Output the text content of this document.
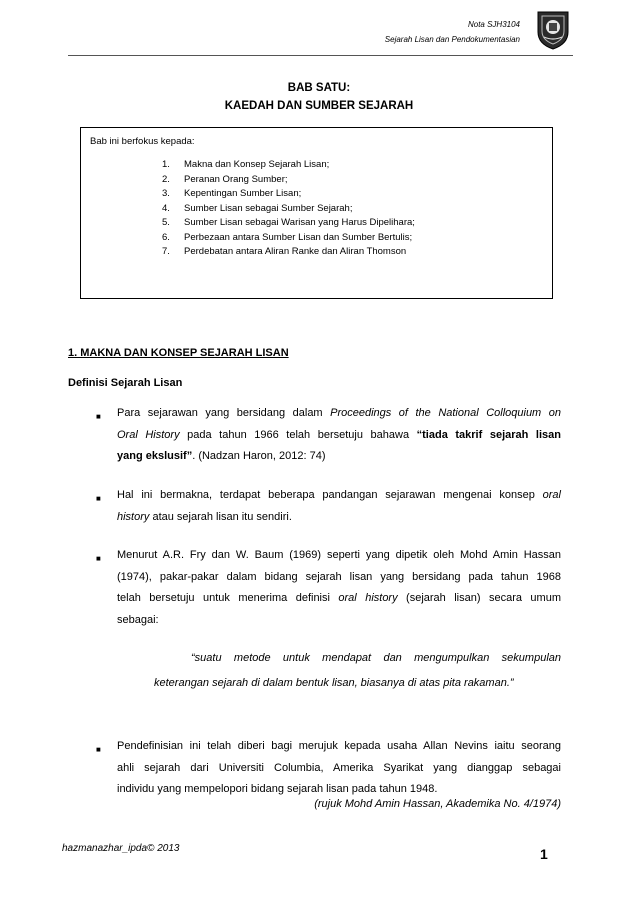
Nota SJH3104
Sejarah Lisan dan Pendokumentasian
BAB SATU:
KAEDAH DAN SUMBER SEJARAH
Bab ini berfokus kepada:
1. Makna dan Konsep Sejarah Lisan;
2. Peranan Orang Sumber;
3. Kepentingan Sumber Lisan;
4. Sumber Lisan sebagai Sumber Sejarah;
5. Sumber Lisan sebagai Warisan yang Harus Dipelihara;
6. Perbezaan antara Sumber Lisan dan Sumber Bertulis;
7. Perdebatan antara Aliran Ranke dan Aliran Thomson
1. MAKNA DAN KONSEP SEJARAH LISAN
Definisi Sejarah Lisan
■ Para sejarawan yang bersidang dalam Proceedings of the National Colloquium on
Oral History pada tahun 1966 telah bersetuju bahawa “tiada takrif sejarah lisan
yang ekslusif”. (Nadzan Haron, 2012: 74)
■ Hal ini bermakna, terdapat beberapa pandangan sejarawan mengenai konsep oral
history atau sejarah lisan itu sendiri.
■ Menurut A.R. Fry dan W. Baum (1969) seperti yang dipetik oleh Mohd Amin Hassan
(1974), pakar-pakar dalam bidang sejarah lisan yang bersidang pada tahun 1968
telah bersetuju untuk menerima definisi oral history (sejarah lisan) secara umum
sebagai:
“suatu metode untuk mendapat dan mengumpulkan sekumpulan
keterangan sejarah di dalam bentuk lisan, biasanya di atas pita rakaman.”
■ Pendefinisian ini telah diberi bagi merujuk kepada usaha Allan Nevins iaitu seorang
ahli sejarah dari Universiti Columbia, Amerika Syarikat yang dianggap sebagai
individu yang mempelopori bidang sejarah lisan pada tahun 1948.
(rujuk Mohd Amin Hassan, Akademika No. 4/1974)
hazmanazhar_ipda© 2013	1
